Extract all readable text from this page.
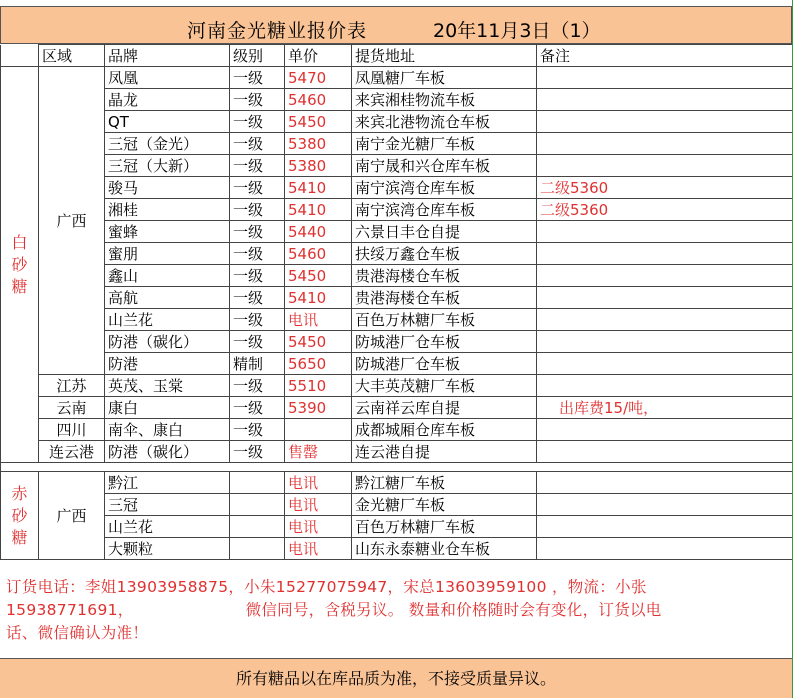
河南金光糖业报价表	20年11月3日（1）
	区域	品牌	级别	单价	提货地址	备注

白
砂
糖	广西	凤凰	一级	5470	凤凰糖厂车板	
		晶龙	一级	5460	来宾湘桂物流车板	
		QT	一级	5450	来宾北港物流仓车板	
		三冠（金光）	一级	5380	南宁金光糖厂车板	
		三冠（大新）	一级	5380	南宁晟和兴仓库车板	
		骏马	一级	5410	南宁滨湾仓库车板	二级5360
		湘桂	一级	5410	南宁滨湾仓库车板	二级5360
		蜜蜂	一级	5440	六景日丰仓自提	
		蜜朋	一级	5460	扶绥万鑫仓车板	
		鑫山	一级	5450	贵港海楼仓车板	
		高航	一级	5410	贵港海楼仓车板	
		山兰花	一级	电讯	百色万林糖厂车板	
		防港（碳化）	一级	5450	防城港厂仓车板	
		防港	精制	5650	防城港厂仓车板	
	江苏	英茂、玉棠	一级	5510	大丰英茂糖厂车板	
	云南	康白	一级	5390	云南祥云库自提	出库费15/吨，
	四川	南伞、康白	一级		成都城厢仓库车板	
	连云港	防港（碳化）	一级	售罄	连云港自提	

赤
砂
糖	广西	黔江		电讯	黔江糖厂车板	
		三冠		电讯	金光糖厂车板	
		山兰花		电讯	百色万林糖厂车板	
		大颗粒		电讯	山东永泰糖业仓车板	
订货电话：李姐13903958875，小朱15277075947，宋总13603959100 ，物流：小张
15938771691，	微信同号，含税另议。 数量和价格随时会有变化，订货以电
话、微信确认为准！
所有糖品以在库品质为准，不接受质量异议。
